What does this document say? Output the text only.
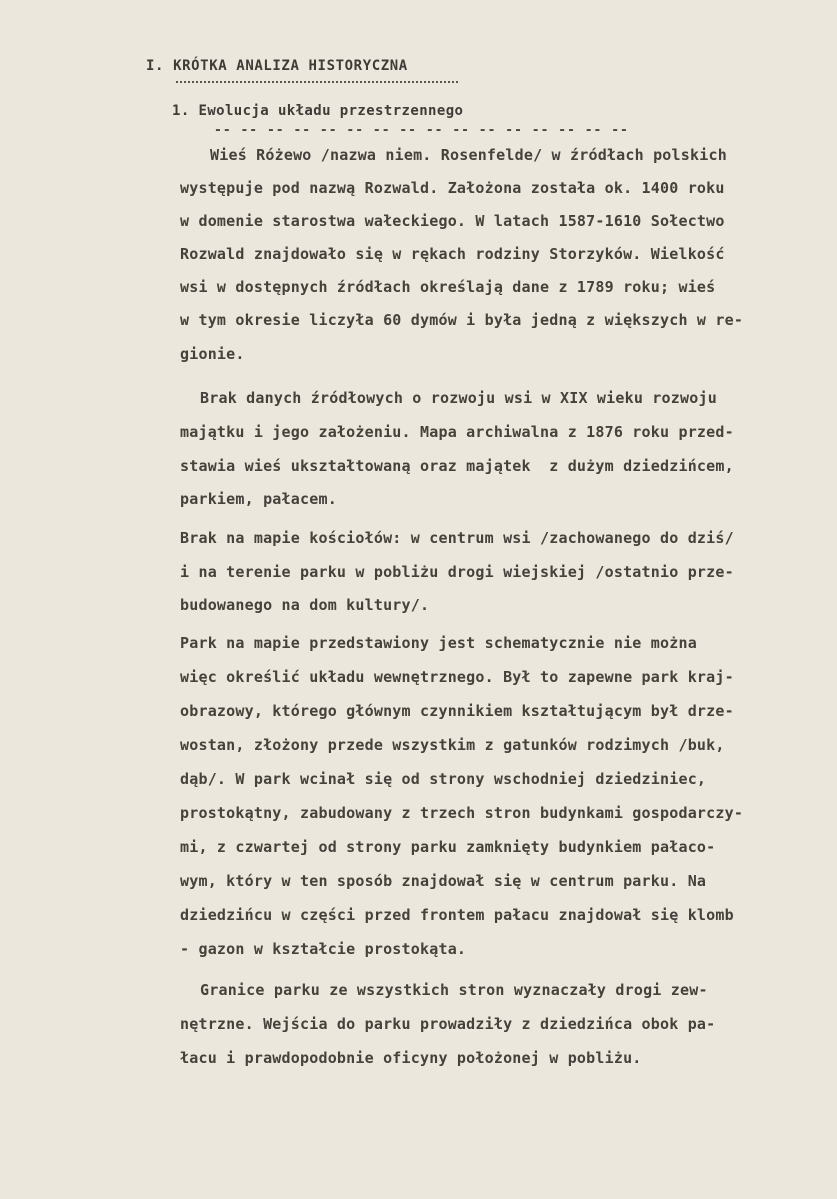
I. KRÓTKA ANALIZA HISTORYCZNA
1. Ewolucja układu przestrzennego
-- -- -- -- -- -- -- -- -- -- -- -- -- -- -- --
Wieś Różewo /nazwa niem. Rosenfelde/ w źródłach polskich
występuje pod nazwą Rozwald. Założona została ok. 1400 roku
w domenie starostwa wałeckiego. W latach 1587-1610 Sołectwo
Rozwald znajdowało się w rękach rodziny Storzyków. Wielkość
wsi w dostępnych źródłach określają dane z 1789 roku; wieś
w tym okresie liczyła 60 dymów i była jedną z większych w re-
gionie.
Brak danych źródłowych o rozwoju wsi w XIX wieku rozwoju
majątku i jego założeniu. Mapa archiwalna z 1876 roku przed-
stawia wieś ukształtowaną oraz majątek  z dużym dziedzińcem,
parkiem, pałacem.
Brak na mapie kościołów: w centrum wsi /zachowanego do dziś/
i na terenie parku w pobliżu drogi wiejskiej /ostatnio prze-
budowanego na dom kultury/.
Park na mapie przedstawiony jest schematycznie nie można
więc określić układu wewnętrznego. Był to zapewne park kraj-
obrazowy, którego głównym czynnikiem kształtującym był drze-
wostan, złożony przede wszystkim z gatunków rodzimych /buk,
dąb/. W park wcinał się od strony wschodniej dziedziniec,
prostokątny, zabudowany z trzech stron budynkami gospodarczy-
mi, z czwartej od strony parku zamknięty budynkiem pałaco-
wym, który w ten sposób znajdował się w centrum parku. Na
dziedzińcu w części przed frontem pałacu znajdował się klomb
- gazon w kształcie prostokąta.
Granice parku ze wszystkich stron wyznaczały drogi zew-
nętrzne. Wejścia do parku prowadziły z dziedzińca obok pa-
łacu i prawdopodobnie oficyny położonej w pobliżu.
